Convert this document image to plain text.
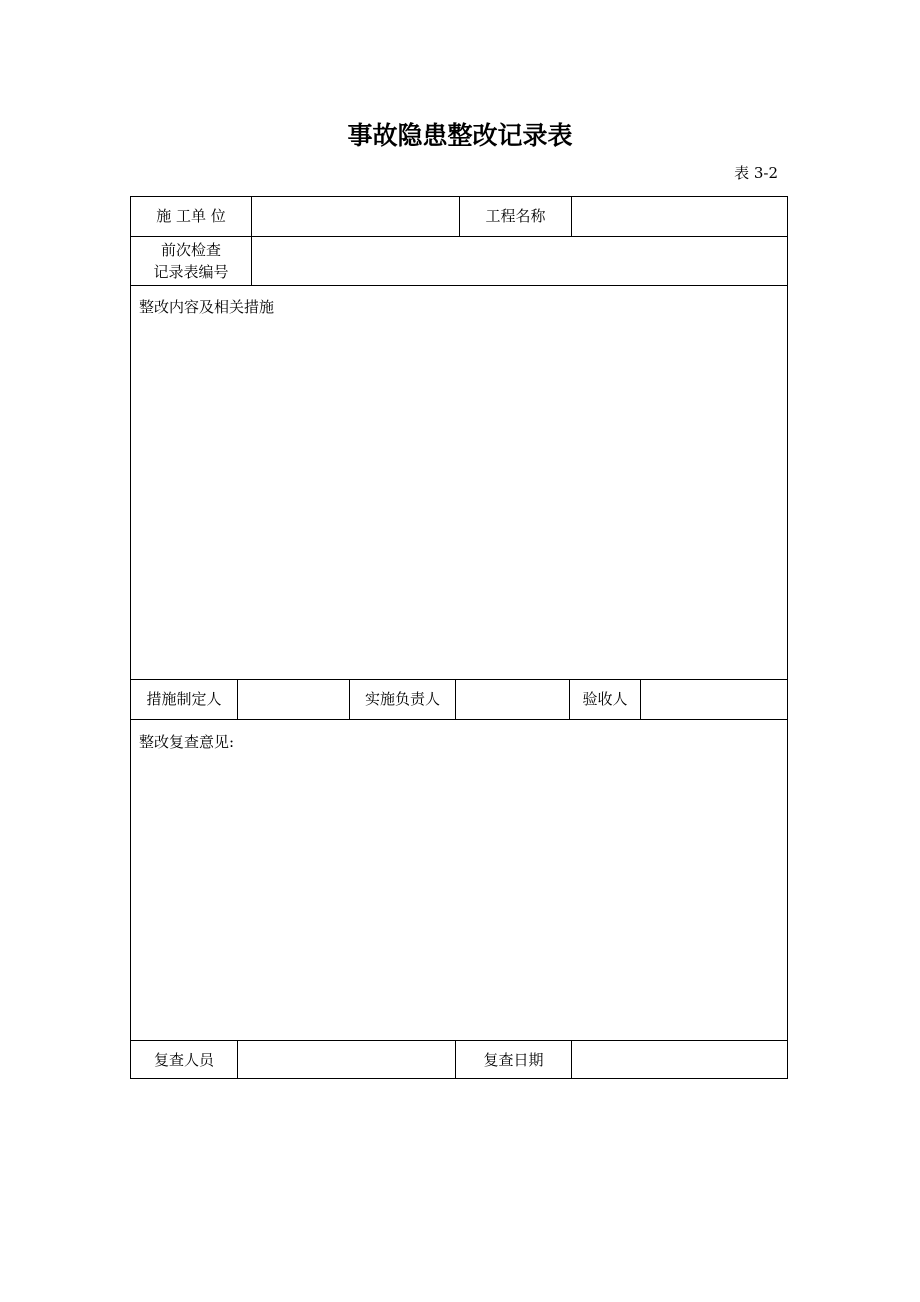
事故隐患整改记录表
表 3-2
施 工单 位	工程名称
前次检查
记录表编号
整改内容及相关措施
措施制定人	实施负责人	验收人
整改复查意见:
复查人员	复查日期
